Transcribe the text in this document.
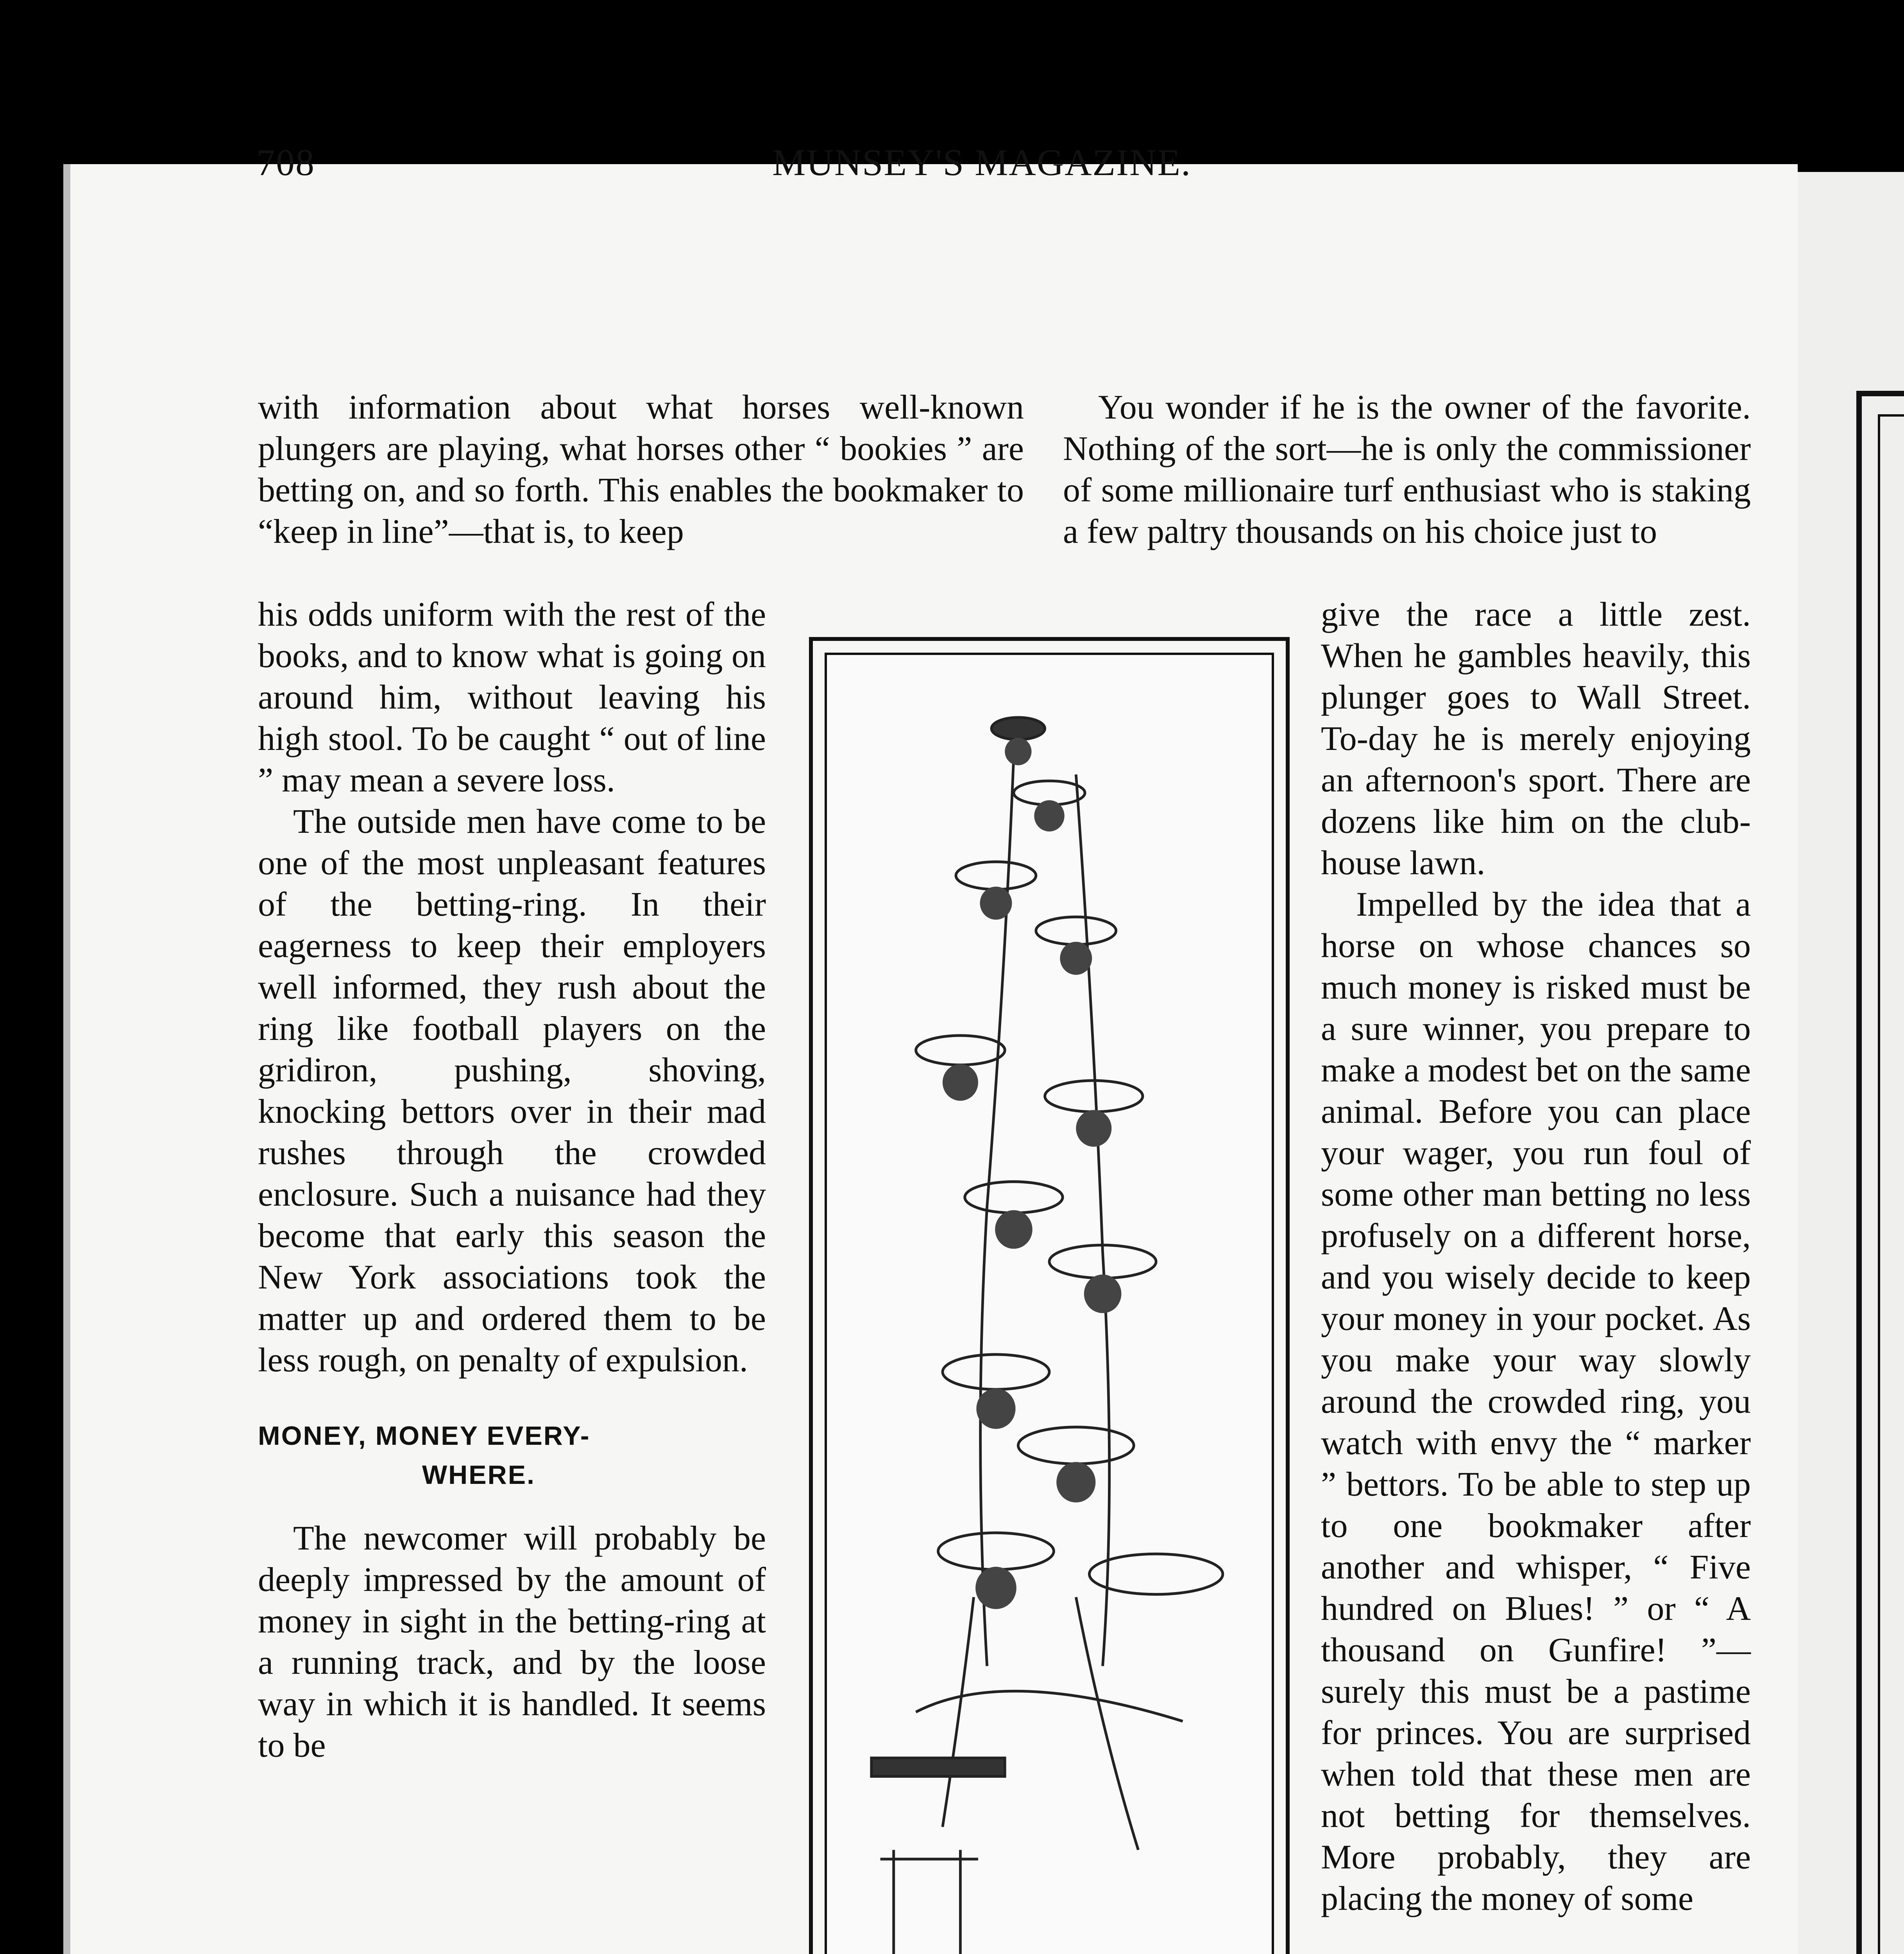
708	MUNSEY'S MAGAZINE.

with information about what horses well-known plungers are playing, what horses other “ bookies ” are betting on, and so forth. This enables the bookmaker to “keep in line”—that is, to keep

his odds uniform with the rest of the books, and to know what is going on around him, without leaving his high stool. To be caught “ out of line ” may mean a severe loss.

The outside men have come to be one of the most unpleasant features of the betting-ring. In their eagerness to keep their employers well informed, they rush about the ring like football players on the gridiron, pushing, shoving, knocking bettors over in their mad rushes through the crowded enclosure. Such a nuisance had they become that early this season the New York associations took the matter up and ordered them to be less rough, on penalty of expulsion.

MONEY, MONEY EVERY-
WHERE.

The newcomer will probably be deeply impressed by the amount of money in sight in the betting-ring at a running track, and by the loose way in which it is handled. It seems to be

You wonder if he is the owner of the favorite. Nothing of the sort—he is only the commissioner of some millionaire turf enthusiast who is staking a few paltry thousands on his choice just to

give the race a little zest. When he gambles heavily, this plunger goes to Wall Street. To-day he is merely enjoying an afternoon's sport. There are dozens like him on the club-house lawn.

Impelled by the idea that a horse on whose chances so much money is risked must be a sure winner, you prepare to make a modest bet on the same animal. Before you can place your wager, you run foul of some other man betting no less profusely on a different horse, and you wisely decide to keep your money in your pocket. As you make your way slowly around the crowded ring, you watch with envy the “ marker ” bettors. To be able to step up to one bookmaker after another and whisper, “ Five hundred on Blues! ” or “ A thousand on Gunfire! ”—surely this must be a pastime for princes. You are surprised when told that these men are not betting for themselves. More probably, they are placing the money of some
